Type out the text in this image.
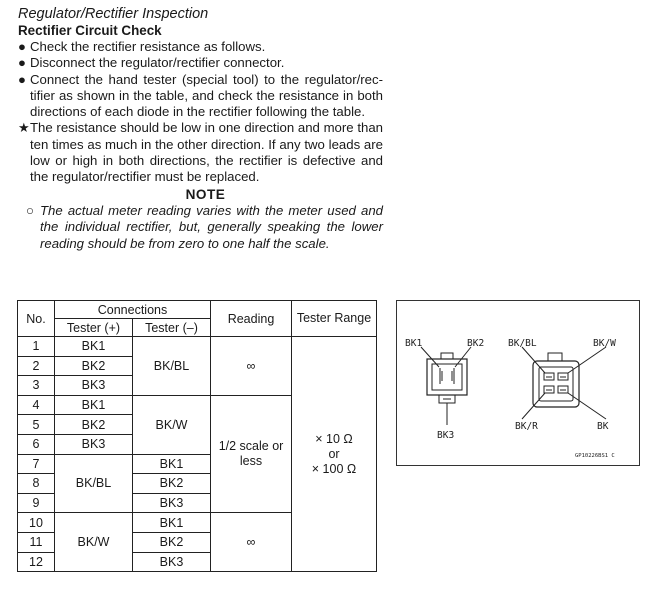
Regulator/Rectifier Inspection
Rectifier Circuit Check
● Check the rectifier resistance as follows.
● Disconnect the regulator/rectifier connector.
● Connect the hand tester (special tool) to the regulator/rec-tifier as shown in the table, and check the resistance in both directions of each diode in the rectifier following the table.
★ The resistance should be low in one direction and more than ten times as much in the other direction. If any two leads are low or high in both directions, the rectifier is defective and the regulator/rectifier must be replaced.
NOTE
○ The actual meter reading varies with the meter used and the individual rectifier, but, generally speaking the lower reading should be from zero to one half the scale.
No.	Connections		Reading	Tester Range
	Tester (+)	Tester (–)		
1	BK1	BK/BL	∞	× 10 Ω
or
× 100 Ω

2	BK2			
3	BK3			
4	BK1	BK/W	1/2 scale or less	
5	BK2			
6	BK3			
7	BK/BL	BK1		
8		BK2		
9		BK3		
10	BK/W	BK1	∞	
11		BK2		
12		BK3		
BK1	BK2
BK3
BK/BL	BK/W
BK/R	BK
GP10226BS1 C
